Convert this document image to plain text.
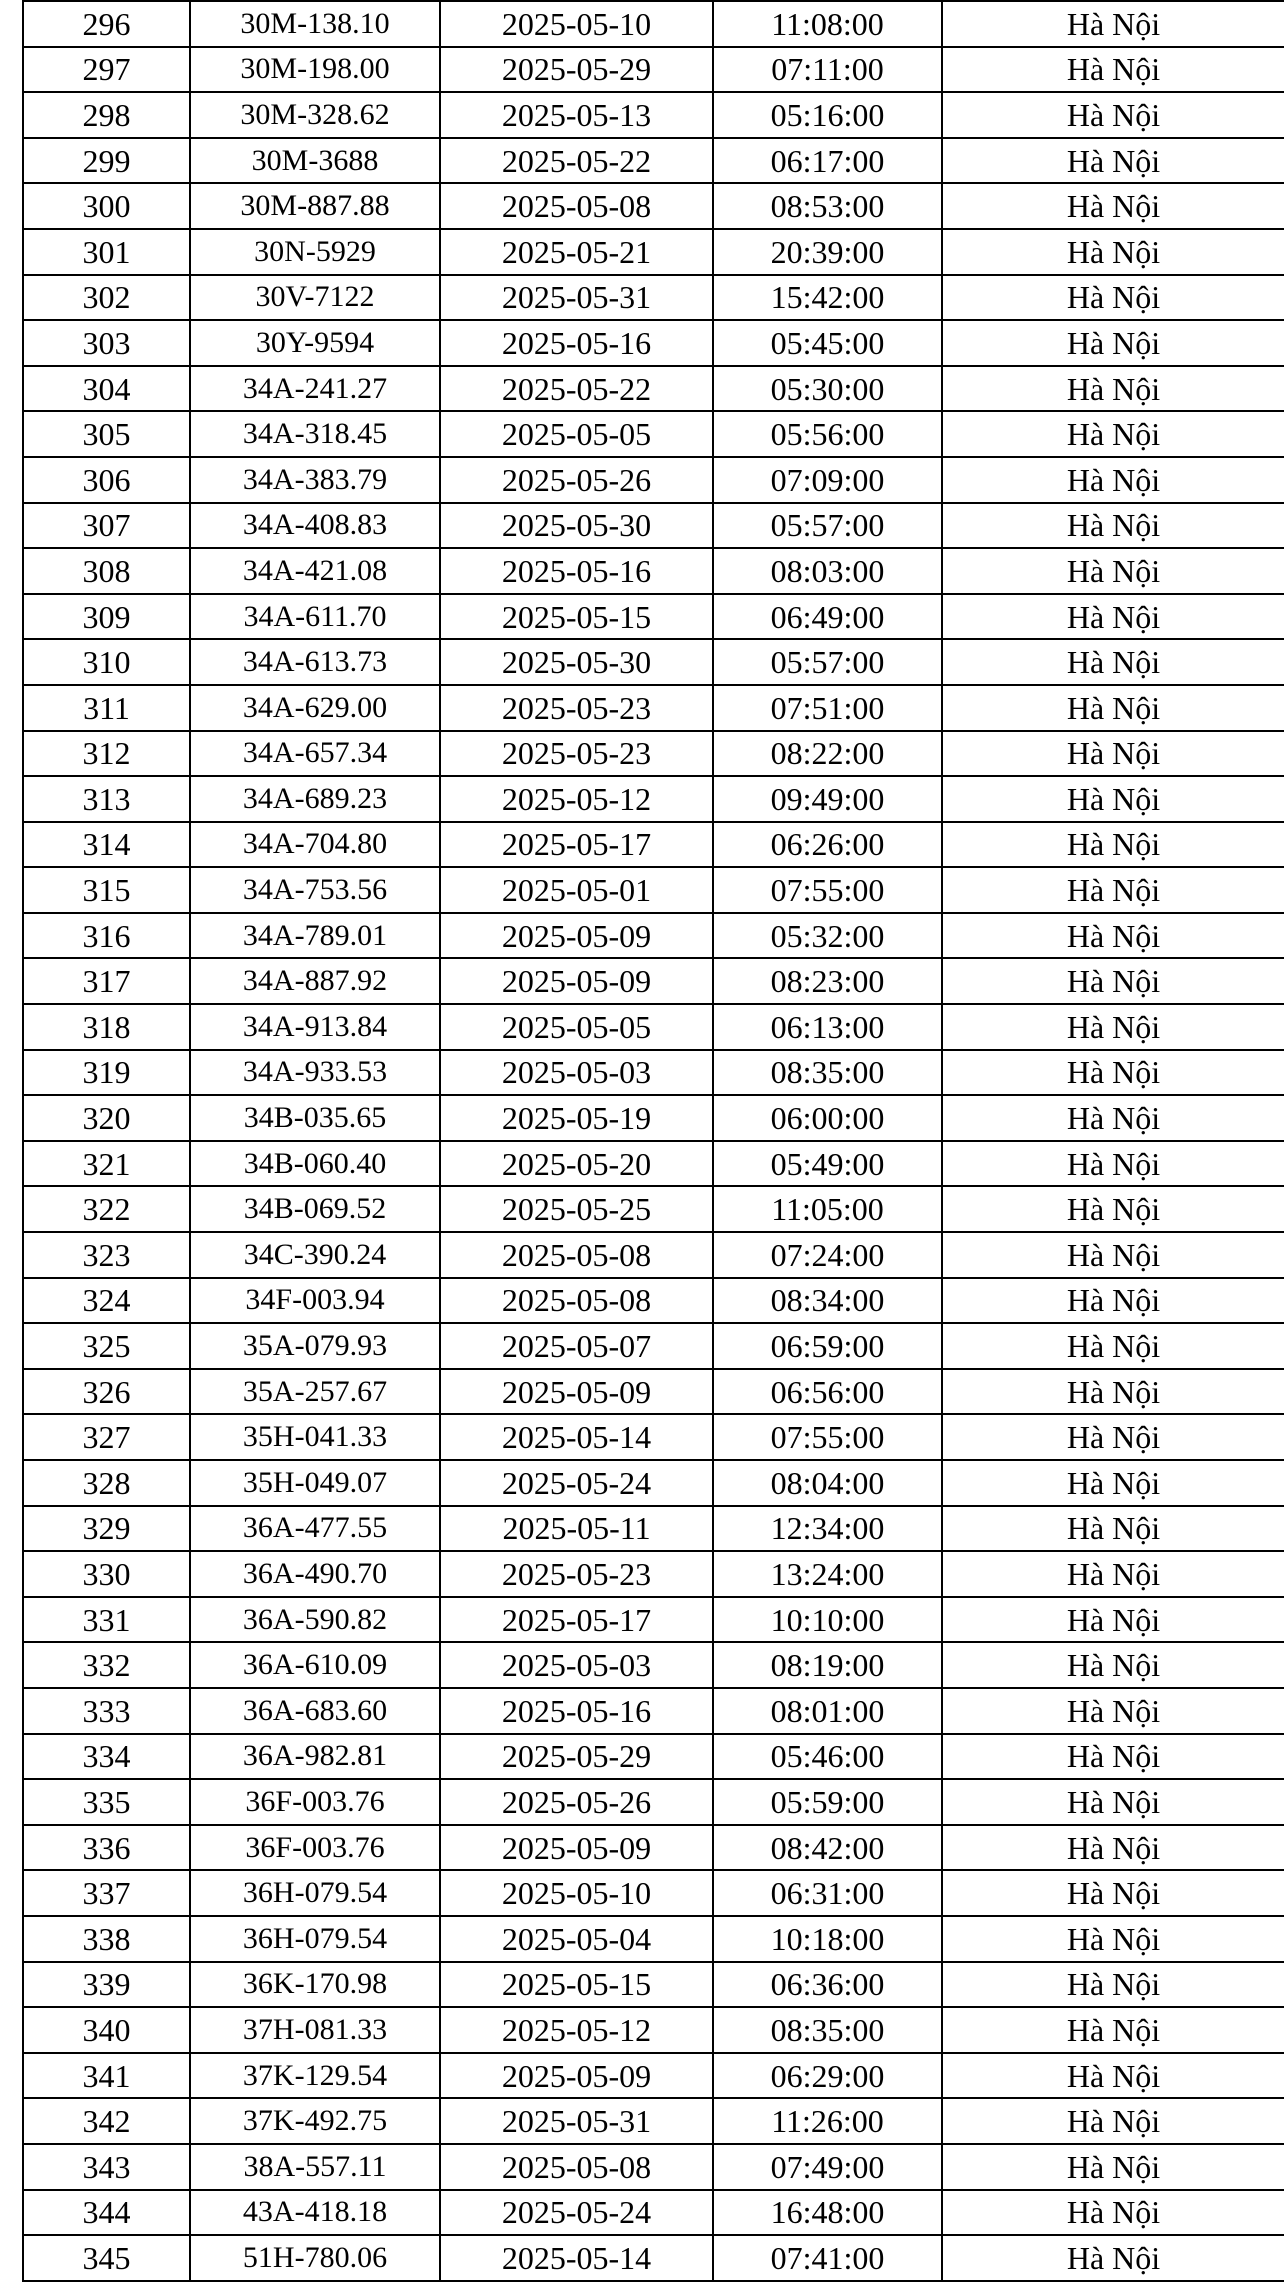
296	30M-138.10	2025-05-10	11:08:00	Hà Nội
297	30M-198.00	2025-05-29	07:11:00	Hà Nội
298	30M-328.62	2025-05-13	05:16:00	Hà Nội
299	30M-3688	2025-05-22	06:17:00	Hà Nội
300	30M-887.88	2025-05-08	08:53:00	Hà Nội
301	30N-5929	2025-05-21	20:39:00	Hà Nội
302	30V-7122	2025-05-31	15:42:00	Hà Nội
303	30Y-9594	2025-05-16	05:45:00	Hà Nội
304	34A-241.27	2025-05-22	05:30:00	Hà Nội
305	34A-318.45	2025-05-05	05:56:00	Hà Nội
306	34A-383.79	2025-05-26	07:09:00	Hà Nội
307	34A-408.83	2025-05-30	05:57:00	Hà Nội
308	34A-421.08	2025-05-16	08:03:00	Hà Nội
309	34A-611.70	2025-05-15	06:49:00	Hà Nội
310	34A-613.73	2025-05-30	05:57:00	Hà Nội
311	34A-629.00	2025-05-23	07:51:00	Hà Nội
312	34A-657.34	2025-05-23	08:22:00	Hà Nội
313	34A-689.23	2025-05-12	09:49:00	Hà Nội
314	34A-704.80	2025-05-17	06:26:00	Hà Nội
315	34A-753.56	2025-05-01	07:55:00	Hà Nội
316	34A-789.01	2025-05-09	05:32:00	Hà Nội
317	34A-887.92	2025-05-09	08:23:00	Hà Nội
318	34A-913.84	2025-05-05	06:13:00	Hà Nội
319	34A-933.53	2025-05-03	08:35:00	Hà Nội
320	34B-035.65	2025-05-19	06:00:00	Hà Nội
321	34B-060.40	2025-05-20	05:49:00	Hà Nội
322	34B-069.52	2025-05-25	11:05:00	Hà Nội
323	34C-390.24	2025-05-08	07:24:00	Hà Nội
324	34F-003.94	2025-05-08	08:34:00	Hà Nội
325	35A-079.93	2025-05-07	06:59:00	Hà Nội
326	35A-257.67	2025-05-09	06:56:00	Hà Nội
327	35H-041.33	2025-05-14	07:55:00	Hà Nội
328	35H-049.07	2025-05-24	08:04:00	Hà Nội
329	36A-477.55	2025-05-11	12:34:00	Hà Nội
330	36A-490.70	2025-05-23	13:24:00	Hà Nội
331	36A-590.82	2025-05-17	10:10:00	Hà Nội
332	36A-610.09	2025-05-03	08:19:00	Hà Nội
333	36A-683.60	2025-05-16	08:01:00	Hà Nội
334	36A-982.81	2025-05-29	05:46:00	Hà Nội
335	36F-003.76	2025-05-26	05:59:00	Hà Nội
336	36F-003.76	2025-05-09	08:42:00	Hà Nội
337	36H-079.54	2025-05-10	06:31:00	Hà Nội
338	36H-079.54	2025-05-04	10:18:00	Hà Nội
339	36K-170.98	2025-05-15	06:36:00	Hà Nội
340	37H-081.33	2025-05-12	08:35:00	Hà Nội
341	37K-129.54	2025-05-09	06:29:00	Hà Nội
342	37K-492.75	2025-05-31	11:26:00	Hà Nội
343	38A-557.11	2025-05-08	07:49:00	Hà Nội
344	43A-418.18	2025-05-24	16:48:00	Hà Nội
345	51H-780.06	2025-05-14	07:41:00	Hà Nội
